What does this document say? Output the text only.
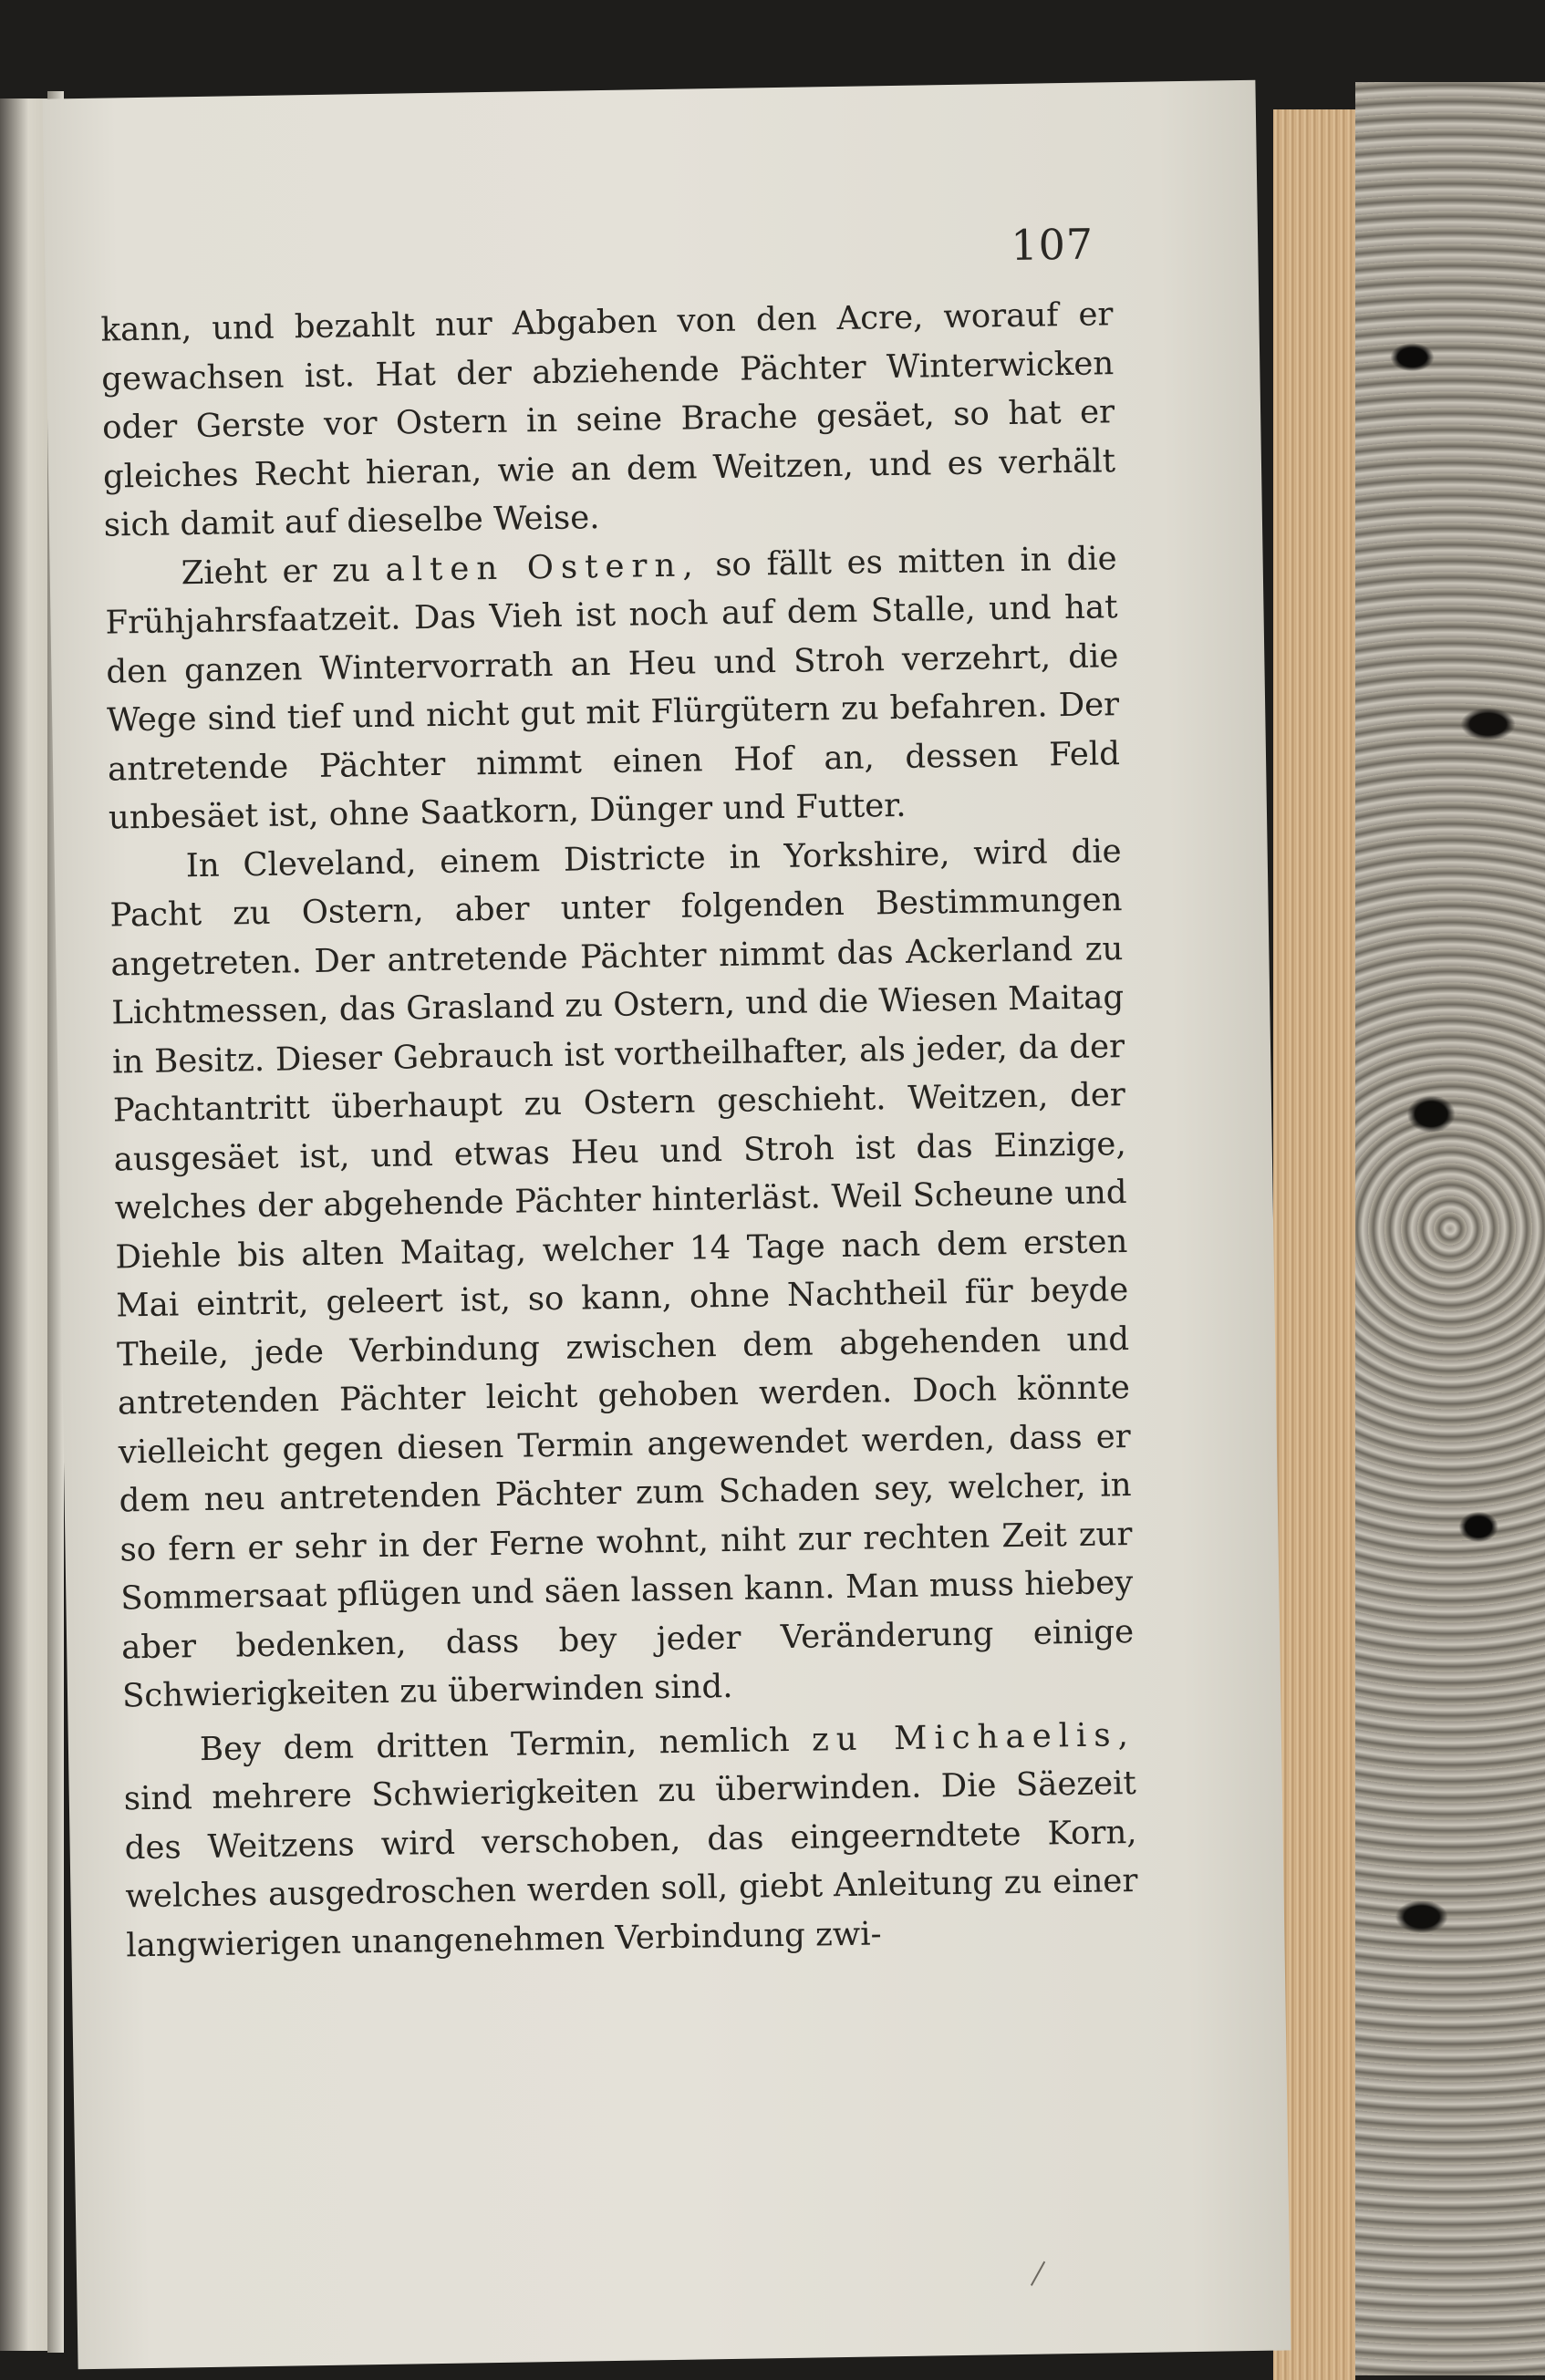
107

kann, und bezahlt nur Abgaben von den Acre, worauf er gewachsen ist. Hat der abziehende Pächter Winterwicken oder Gerste vor Ostern in seine Brache gesäet, so hat er gleiches Recht hieran, wie an dem Weitzen, und es verhält sich damit auf dieselbe Weise.

Zieht er zu alten Ostern, so fällt es mitten in die Frühjahrsfaatzeit. Das Vieh ist noch auf dem Stalle, und hat den ganzen Wintervorrath an Heu und Stroh verzehrt, die Wege sind tief und nicht gut mit Flürgütern zu befahren. Der antretende Pächter nimmt einen Hof an, dessen Feld unbesäet ist, ohne Saatkorn, Dünger und Futter.

In Cleveland, einem Districte in Yorkshire, wird die Pacht zu Ostern, aber unter folgenden Bestimmungen angetreten. Der antretende Pächter nimmt das Ackerland zu Lichtmessen, das Grasland zu Ostern, und die Wiesen Maitag in Besitz. Dieser Gebrauch ist vortheilhafter, als jeder, da der Pachtantritt überhaupt zu Ostern geschieht. Weitzen, der ausgesäet ist, und etwas Heu und Stroh ist das Einzige, welches der abgehende Pächter hinterläst. Weil Scheune und Diehle bis alten Maitag, welcher 14 Tage nach dem ersten Mai eintrit, geleert ist, so kann, ohne Nachtheil für beyde Theile, jede Verbindung zwischen dem abgehenden und antretenden Pächter leicht gehoben werden. Doch könnte vielleicht gegen diesen Termin angewendet werden, dass er dem neu antretenden Pächter zum Schaden sey, welcher, in so fern er sehr in der Ferne wohnt, niht zur rechten Zeit zur Sommersaat pflügen und säen lassen kann. Man muss hiebey aber bedenken, dass bey jeder Veränderung einige Schwierigkeiten zu überwinden sind.

Bey dem dritten Termin, nemlich zu Michaelis, sind mehrere Schwierigkeiten zu überwinden. Die Säezeit des Weitzens wird verschoben, das eingeerndtete Korn, welches ausgedroschen werden soll, giebt Anleitung zu einer langwierigen unangenehmen Verbindung zwi-
